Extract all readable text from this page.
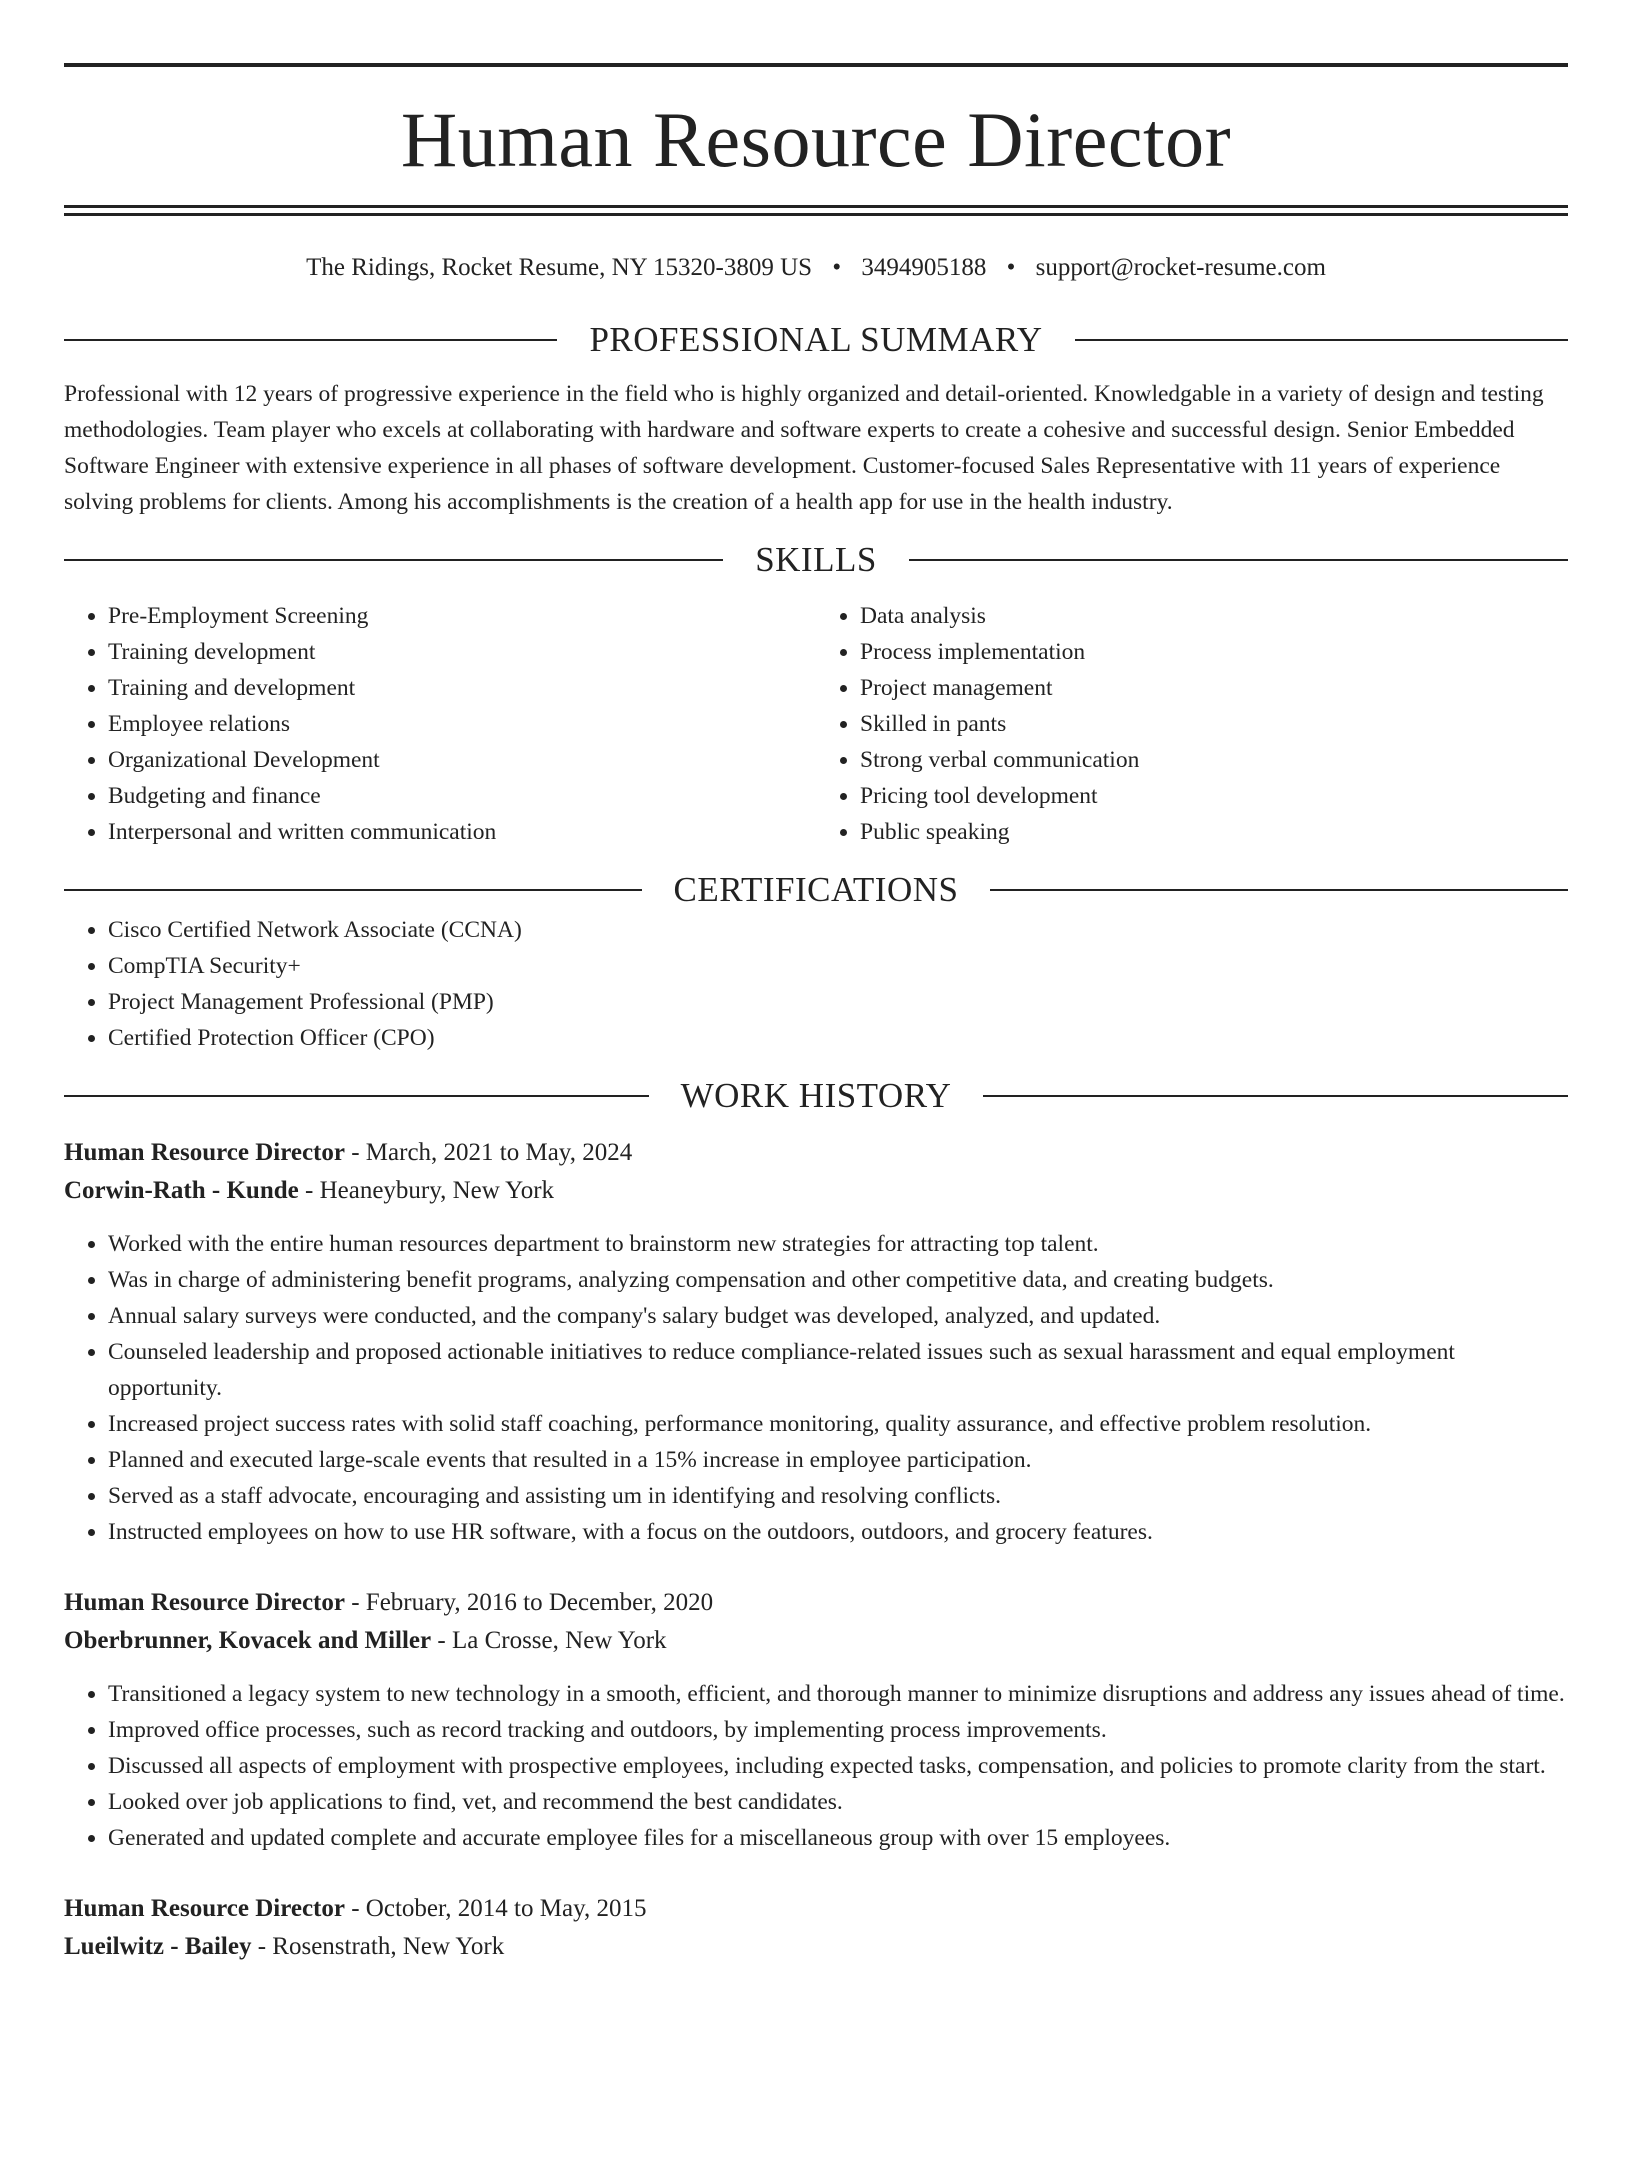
Human Resource Director
The Ridings, Rocket Resume, NY 15320-3809 US • 3494905188 • support@rocket-resume.com
PROFESSIONAL SUMMARY

Professional with 12 years of progressive experience in the field who is highly organized and detail-oriented. Knowledgable in a variety of design and testing methodologies. Team player who excels at collaborating with hardware and software experts to create a cohesive and successful design. Senior Embedded Software Engineer with extensive experience in all phases of software development. Customer-focused Sales Representative with 11 years of experience solving problems for clients. Among his accomplishments is the creation of a health app for use in the health industry.

SKILLS
• Pre-Employment Screening
• Training development
• Training and development
• Employee relations
• Organizational Development
• Budgeting and finance
• Interpersonal and written communication
• Data analysis
• Process implementation
• Project management
• Skilled in pants
• Strong verbal communication
• Pricing tool development
• Public speaking
CERTIFICATIONS
• Cisco Certified Network Associate (CCNA)
• CompTIA Security+
• Project Management Professional (PMP)
• Certified Protection Officer (CPO)
WORK HISTORY
Human Resource Director - March, 2021 to May, 2024
Corwin-Rath - Kunde - Heaneybury, New York
• Worked with the entire human resources department to brainstorm new strategies for attracting top talent.
• Was in charge of administering benefit programs, analyzing compensation and other competitive data, and creating budgets.
• Annual salary surveys were conducted, and the company's salary budget was developed, analyzed, and updated.
• Counseled leadership and proposed actionable initiatives to reduce compliance-related issues such as sexual harassment and equal employment opportunity.
• Increased project success rates with solid staff coaching, performance monitoring, quality assurance, and effective problem resolution.
• Planned and executed large-scale events that resulted in a 15% increase in employee participation.
• Served as a staff advocate, encouraging and assisting um in identifying and resolving conflicts.
• Instructed employees on how to use HR software, with a focus on the outdoors, outdoors, and grocery features.
Human Resource Director - February, 2016 to December, 2020
Oberbrunner, Kovacek and Miller - La Crosse, New York
• Transitioned a legacy system to new technology in a smooth, efficient, and thorough manner to minimize disruptions and address any issues ahead of time.
• Improved office processes, such as record tracking and outdoors, by implementing process improvements.
• Discussed all aspects of employment with prospective employees, including expected tasks, compensation, and policies to promote clarity from the start.
• Looked over job applications to find, vet, and recommend the best candidates.
• Generated and updated complete and accurate employee files for a miscellaneous group with over 15 employees.
Human Resource Director - October, 2014 to May, 2015
Lueilwitz - Bailey - Rosenstrath, New York
